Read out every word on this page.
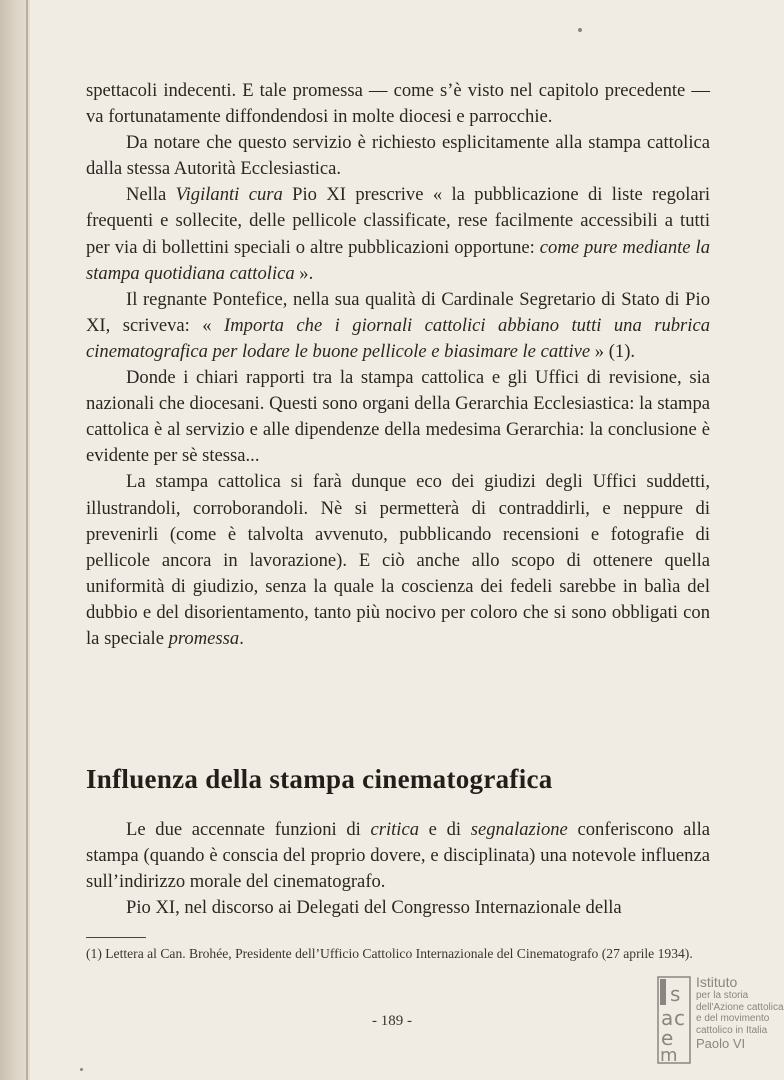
spettacoli indecenti. E tale promessa — come s’è visto nel capitolo precedente — va fortunatamente diffondendosi in molte diocesi e parrocchie.

Da notare che questo servizio è richiesto esplicitamente alla stampa cattolica dalla stessa Autorità Ecclesiastica.

Nella Vigilanti cura Pio XI prescrive « la pubblicazione di liste regolari frequenti e sollecite, delle pellicole classificate, rese facilmente accessibili a tutti per via di bollettini speciali o altre pubblicazioni opportune: come pure mediante la stampa quotidiana cattolica ».

Il regnante Pontefice, nella sua qualità di Cardinale Segretario di Stato di Pio XI, scriveva: « Importa che i giornali cattolici abbiano tutti una rubrica cinematografica per lodare le buone pellicole e biasimare le cattive » (1).

Donde i chiari rapporti tra la stampa cattolica e gli Uffici di revisione, sia nazionali che diocesani. Questi sono organi della Gerarchia Ecclesiastica: la stampa cattolica è al servizio e alle dipendenze della medesima Gerarchia: la conclusione è evidente per sè stessa...

La stampa cattolica si farà dunque eco dei giudizi degli Uffici suddetti, illustrandoli, corroborandoli. Nè si permetterà di contraddirli, e neppure di prevenirli (come è talvolta avvenuto, pubblicando recensioni e fotografie di pellicole ancora in lavorazione). E ciò anche allo scopo di ottenere quella uniformità di giudizio, senza la quale la coscienza dei fedeli sarebbe in balìa del dubbio e del disorientamento, tanto più nocivo per coloro che si sono obbligati con la speciale promessa.

Influenza della stampa cinematografica

Le due accennate funzioni di critica e di segnalazione conferiscono alla stampa (quando è conscia del proprio dovere, e disciplinata) una notevole influenza sull’indirizzo morale del cinematografo.

Pio XI, nel discorso ai Delegati del Congresso Internazionale della

(1) Lettera al Can. Brohée, Presidente dell’Ufficio Cattolico Internazionale del Cinematografo (27 aprile 1934).
- 189 -
s
a c
e
m
Istituto
per la storia
dell'Azione cattolica
e del movimento
cattolico in Italia
Paolo VI
